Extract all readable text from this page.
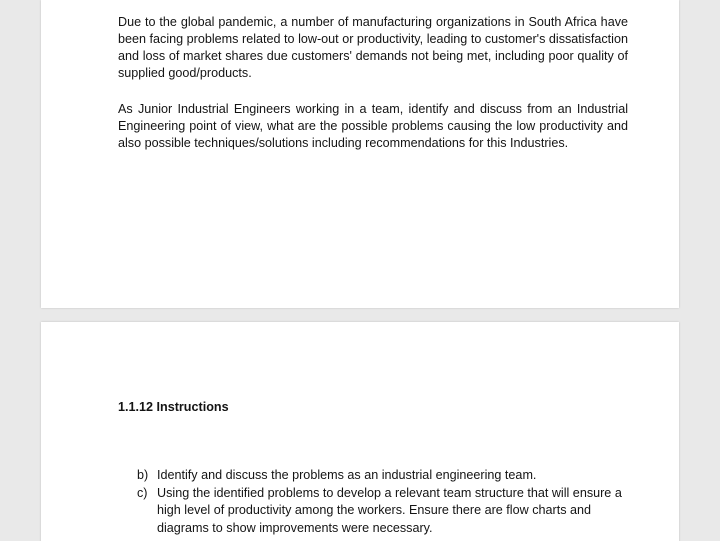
Due to the global pandemic, a number of manufacturing organizations in South Africa have been facing problems related to low-out or productivity, leading to customer's dissatisfaction and loss of market shares due customers' demands not being met, including poor quality of supplied good/products.

As Junior Industrial Engineers working in a team, identify and discuss from an Industrial Engineering point of view, what are the possible problems causing the low productivity and also possible techniques/solutions including recommendations for this Industries.

1.1.12 Instructions
b) Identify and discuss the problems as an industrial engineering team.
c) Using the identified problems to develop a relevant team structure that will ensure a high level of productivity among the workers. Ensure there are flow charts and diagrams to show improvements were necessary.
